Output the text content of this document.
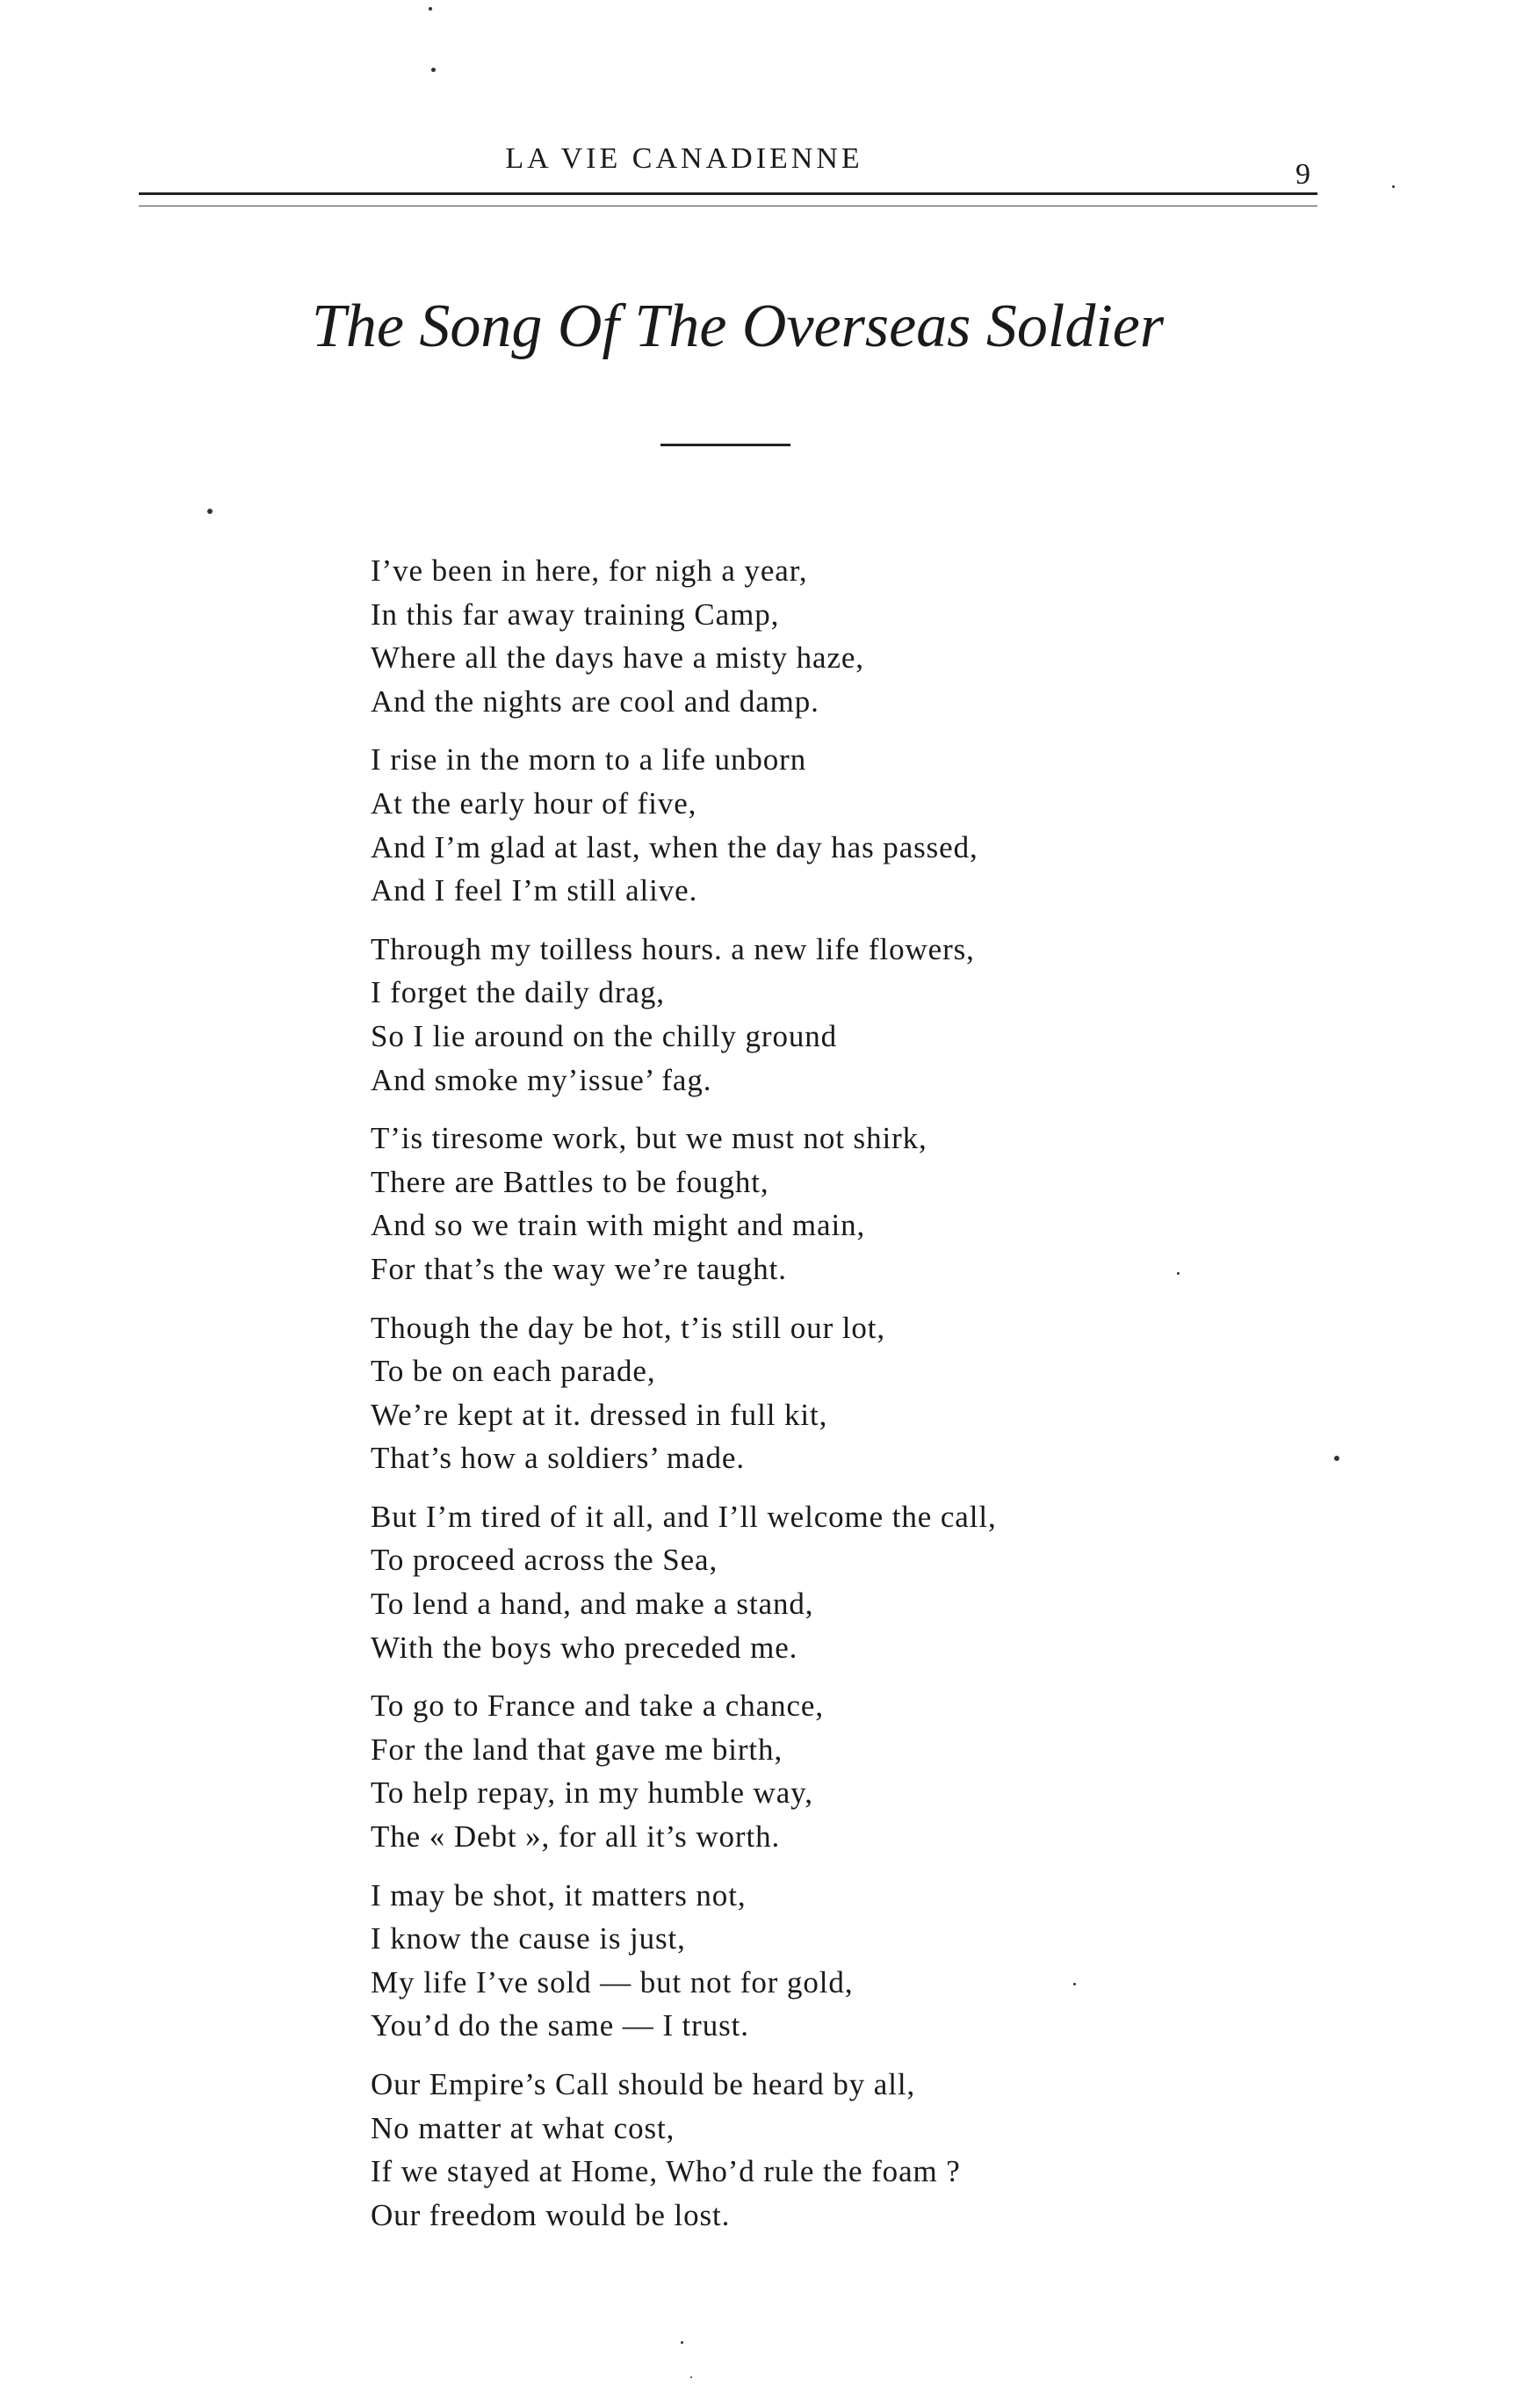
LA VIE CANADIENNE	9
The Song Of The Overseas Soldier
I’ve been in here, for nigh a year,
In this far away training Camp,
Where all the days have a misty haze,
And the nights are cool and damp.
I rise in the morn to a life unborn
At the early hour of five,
And I’m glad at last, when the day has passed,
And I feel I’m still alive.
Through my toilless hours. a new life flowers,
I forget the daily drag,
So I lie around on the chilly ground
And smoke my’issue’ fag.
T’is tiresome work, but we must not shirk,
There are Battles to be fought,
And so we train with might and main,
For that’s the way we’re taught.
Though the day be hot, t’is still our lot,
To be on each parade,
We’re kept at it. dressed in full kit,
That’s how a soldiers’ made.
But I’m tired of it all, and I’ll welcome the call,
To proceed across the Sea,
To lend a hand, and make a stand,
With the boys who preceded me.
To go to France and take a chance,
For the land that gave me birth,
To help repay, in my humble way,
The « Debt », for all it’s worth.
I may be shot, it matters not,
I know the cause is just,
My life I’ve sold — but not for gold,
You’d do the same — I trust.
Our Empire’s Call should be heard by all,
No matter at what cost,
If we stayed at Home, Who’d rule the foam ?
Our freedom would be lost.
